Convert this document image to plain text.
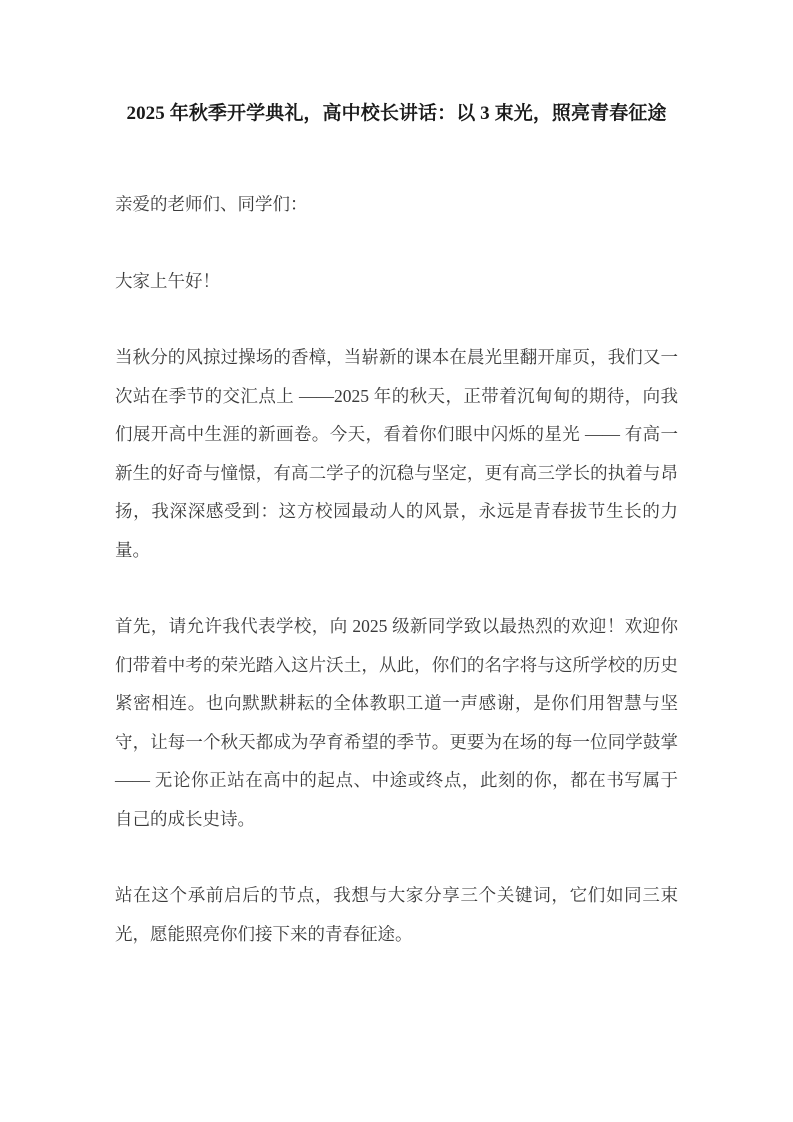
2025 年秋季开学典礼，高中校长讲话：以 3 束光，照亮青春征途

亲爱的老师们、同学们：

大家上午好！

当秋分的风掠过操场的香樟，当崭新的课本在晨光里翻开扉页，我们又一次站在季节的交汇点上 ——2025 年的秋天，正带着沉甸甸的期待，向我们展开高中生涯的新画卷。今天，看着你们眼中闪烁的星光 —— 有高一新生的好奇与憧憬，有高二学子的沉稳与坚定，更有高三学长的执着与昂扬，我深深感受到：这方校园最动人的风景，永远是青春拔节生长的力量。

首先，请允许我代表学校，向 2025 级新同学致以最热烈的欢迎！欢迎你们带着中考的荣光踏入这片沃土，从此，你们的名字将与这所学校的历史紧密相连。也向默默耕耘的全体教职工道一声感谢，是你们用智慧与坚守，让每一个秋天都成为孕育希望的季节。更要为在场的每一位同学鼓掌 —— 无论你正站在高中的起点、中途或终点，此刻的你，都在书写属于自己的成长史诗。

站在这个承前启后的节点，我想与大家分享三个关键词，它们如同三束光，愿能照亮你们接下来的青春征途。
